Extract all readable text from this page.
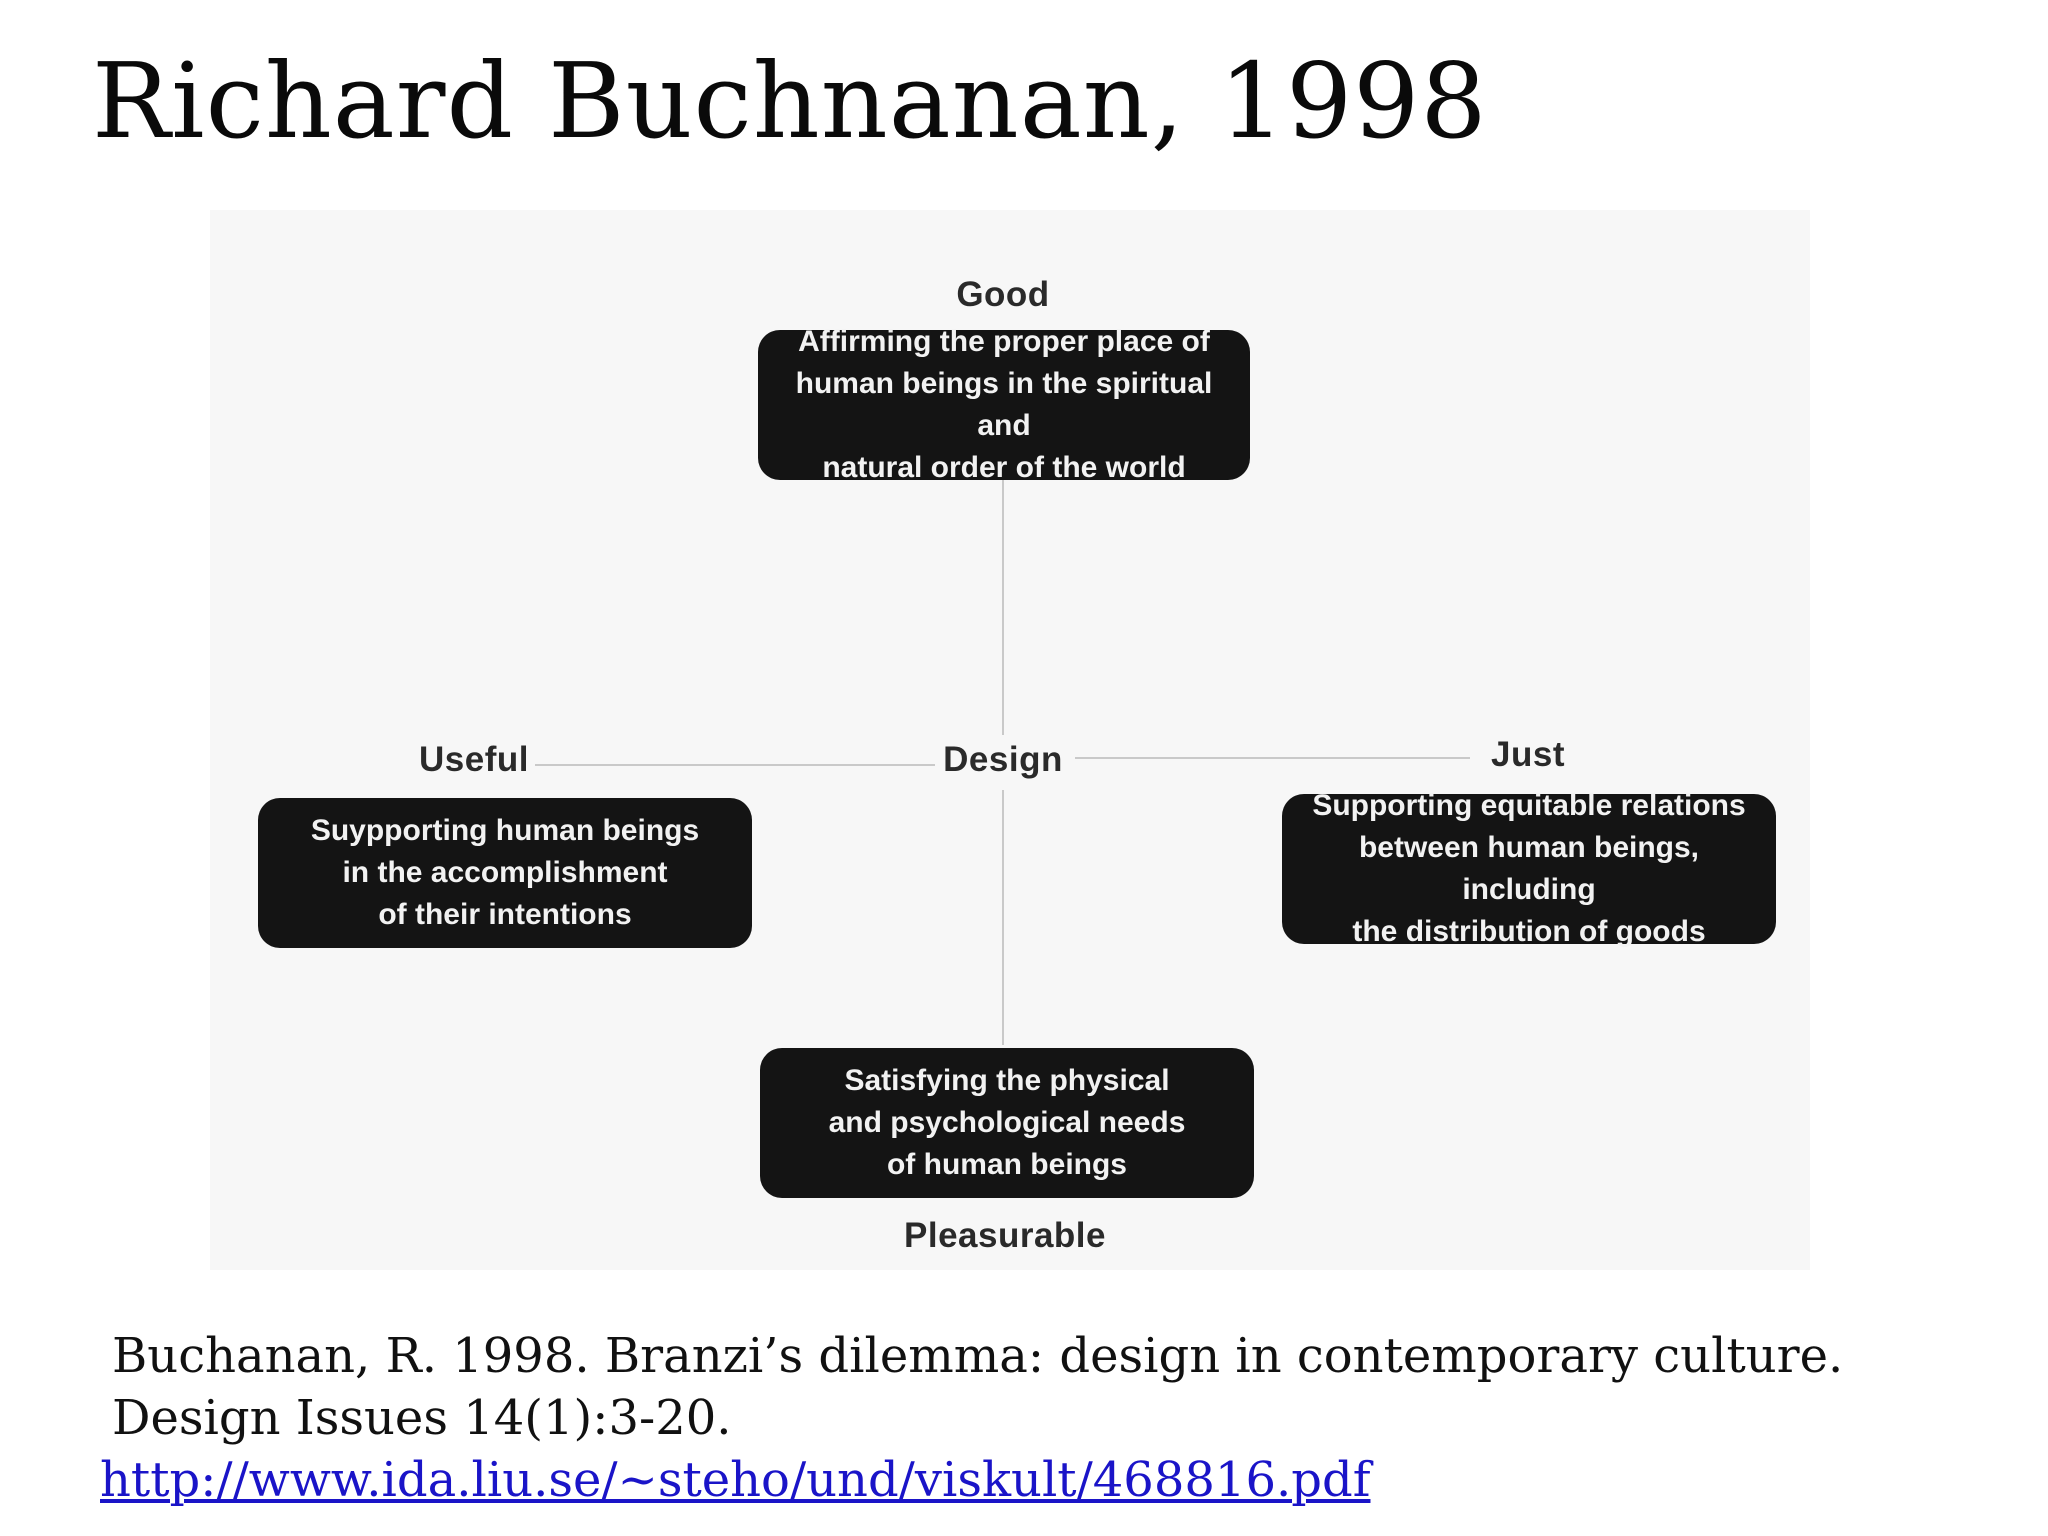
Richard Buchnanan, 1998
Good
Affirming the proper place of
human beings in the spiritual and
natural order of the world
Design
Useful
Suypporting human beings
in the accomplishment
of their intentions
Just
Supporting equitable relations
between human beings, including
the distribution of goods
Satisfying the physical
and psychological needs
of human beings
Pleasurable
Buchanan, R. 1998. Branzi’s dilemma: design in contemporary culture.
Design Issues 14(1):3-20.
http://www.ida.liu.se/~steho/und/viskult/468816.pdf
